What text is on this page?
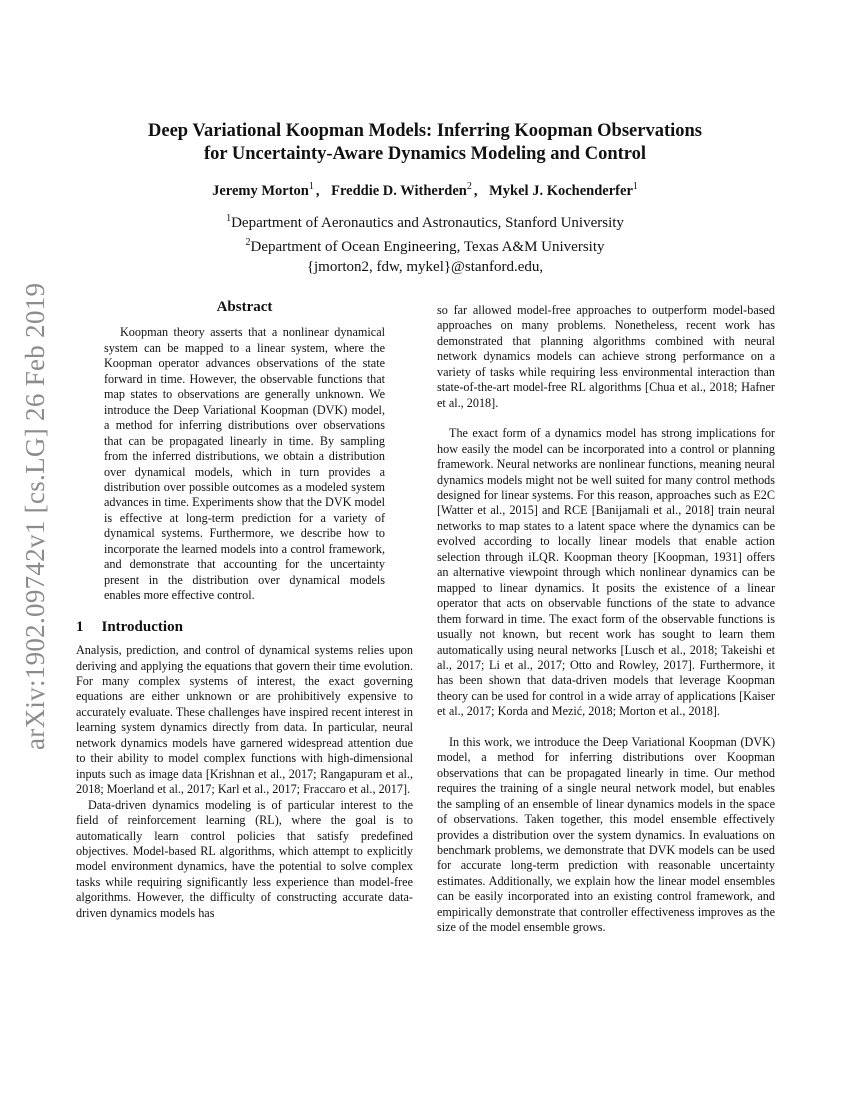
arXiv:1902.09742v1 [cs.LG] 26 Feb 2019
Deep Variational Koopman Models: Inferring Koopman Observations
for Uncertainty-Aware Dynamics Modeling and Control
Jeremy Morton$^1$ , Freddie D. Witherden$^2$ , Mykel J. Kochenderfer$^1$
$^1$Department of Aeronautics and Astronautics, Stanford University
$^2$Department of Ocean Engineering, Texas A&M University
{jmorton2, fdw, mykel}@stanford.edu,
Abstract

Koopman theory asserts that a nonlinear dynamical system can be mapped to a linear system, where the Koopman operator advances observations of the state forward in time. However, the observable functions that map states to observations are generally unknown. We introduce the Deep Variational Koopman (DVK) model, a method for inferring distributions over observations that can be propagated linearly in time. By sampling from the inferred distributions, we obtain a distribution over dynamical models, which in turn provides a distribution over possible outcomes as a modeled system advances in time. Experiments show that the DVK model is effective at long-term prediction for a variety of dynamical systems. Furthermore, we describe how to incorporate the learned models into a control framework, and demonstrate that accounting for the uncertainty present in the distribution over dynamical models enables more effective control.

1 Introduction

Analysis, prediction, and control of dynamical systems relies upon deriving and applying the equations that govern their time evolution. For many complex systems of interest, the exact governing equations are either unknown or are prohibitively expensive to accurately evaluate. These challenges have inspired recent interest in learning system dynamics directly from data. In particular, neural network dynamics models have garnered widespread attention due to their ability to model complex functions with high-dimensional inputs such as image data [Krishnan et al., 2017; Rangapuram et al., 2018; Moerland et al., 2017; Karl et al., 2017; Fraccaro et al., 2017].

Data-driven dynamics modeling is of particular interest to the field of reinforcement learning (RL), where the goal is to automatically learn control policies that satisfy predefined objectives. Model-based RL algorithms, which attempt to explicitly model environment dynamics, have the potential to solve complex tasks while requiring significantly less experience than model-free algorithms. However, the difficulty of constructing accurate data-driven dynamics models has

so far allowed model-free approaches to outperform model-based approaches on many problems. Nonetheless, recent work has demonstrated that planning algorithms combined with neural network dynamics models can achieve strong performance on a variety of tasks while requiring less environmental interaction than state-of-the-art model-free RL algorithms [Chua et al., 2018; Hafner et al., 2018].

The exact form of a dynamics model has strong implications for how easily the model can be incorporated into a control or planning framework. Neural networks are nonlinear functions, meaning neural dynamics models might not be well suited for many control methods designed for linear systems. For this reason, approaches such as E2C [Watter et al., 2015] and RCE [Banijamali et al., 2018] train neural networks to map states to a latent space where the dynamics can be evolved according to locally linear models that enable action selection through iLQR. Koopman theory [Koopman, 1931] offers an alternative viewpoint through which nonlinear dynamics can be mapped to linear dynamics. It posits the existence of a linear operator that acts on observable functions of the state to advance them forward in time. The exact form of the observable functions is usually not known, but recent work has sought to learn them automatically using neural networks [Lusch et al., 2018; Takeishi et al., 2017; Li et al., 2017; Otto and Rowley, 2017]. Furthermore, it has been shown that data-driven models that leverage Koopman theory can be used for control in a wide array of applications [Kaiser et al., 2017; Korda and Mezić, 2018; Morton et al., 2018].

In this work, we introduce the Deep Variational Koopman (DVK) model, a method for inferring distributions over Koopman observations that can be propagated linearly in time. Our method requires the training of a single neural network model, but enables the sampling of an ensemble of linear dynamics models in the space of observations. Taken together, this model ensemble effectively provides a distribution over the system dynamics. In evaluations on benchmark problems, we demonstrate that DVK models can be used for accurate long-term prediction with reasonable uncertainty estimates. Additionally, we explain how the linear model ensembles can be easily incorporated into an existing control framework, and empirically demonstrate that controller effectiveness improves as the size of the model ensemble grows.
